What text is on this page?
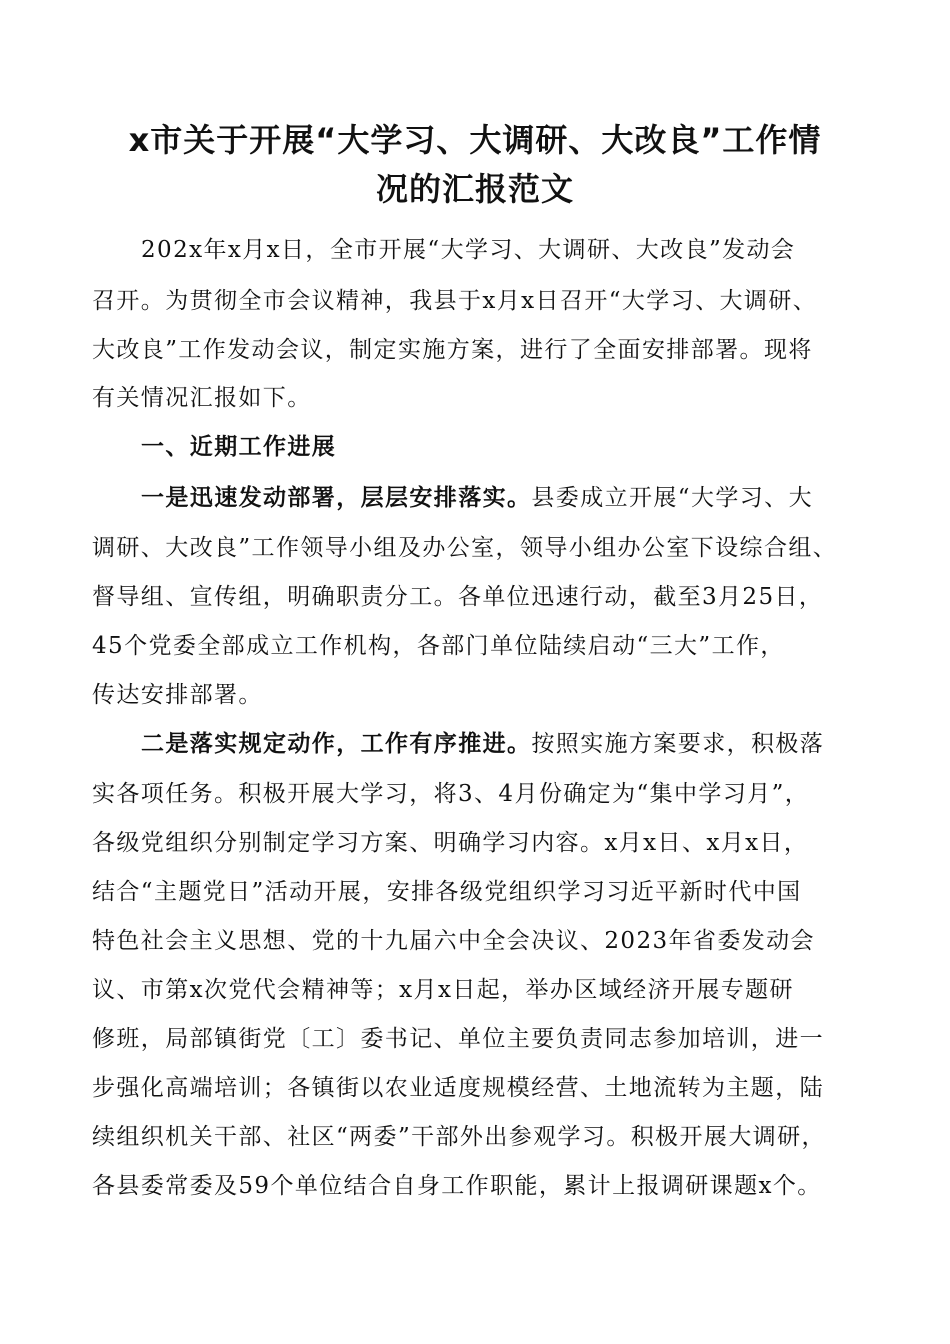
x市关于开展“大学习、大调研、大改良”工作情
况的汇报范文
202x年x月x日，全市开展“大学习、大调研、大改良”发动会
召开。为贯彻全市会议精神，我县于x月x日召开“大学习、大调研、
大改良”工作发动会议，制定实施方案，进行了全面安排部署。现将
有关情况汇报如下。
一、近期工作进展
一是迅速发动部署，层层安排落实。县委成立开展“大学习、大
调研、大改良”工作领导小组及办公室，领导小组办公室下设综合组、
督导组、宣传组，明确职责分工。各单位迅速行动，截至3月25日，
45个党委全部成立工作机构，各部门单位陆续启动“三大”工作，
传达安排部署。
二是落实规定动作，工作有序推进。按照实施方案要求，积极落
实各项任务。积极开展大学习，将3、4月份确定为“集中学习月”，
各级党组织分别制定学习方案、明确学习内容。x月x日、x月x日，
结合“主题党日”活动开展，安排各级党组织学习习近平新时代中国
特色社会主义思想、党的十九届六中全会决议、2023年省委发动会
议、市第x次党代会精神等；x月x日起，举办区域经济开展专题研
修班，局部镇街党〔工〕委书记、单位主要负责同志参加培训，进一
步强化高端培训；各镇街以农业适度规模经营、土地流转为主题，陆
续组织机关干部、社区“两委”干部外出参观学习。积极开展大调研，
各县委常委及59个单位结合自身工作职能，累计上报调研课题x个。
